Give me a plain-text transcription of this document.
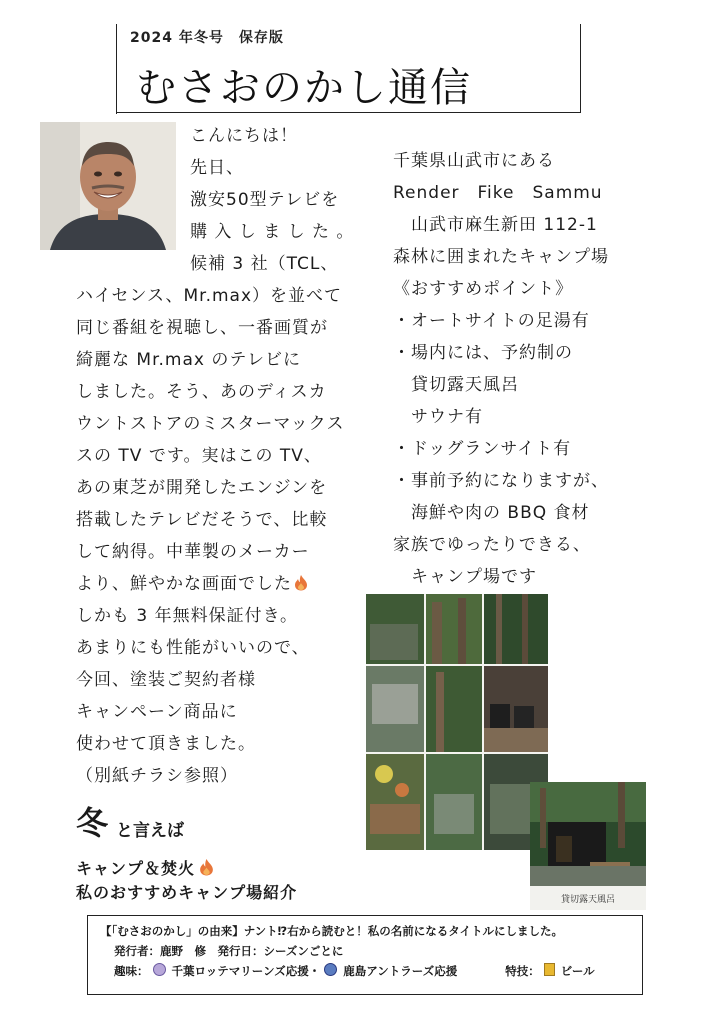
2024 年冬号　保存版
むさおのかし通信
こんにちは！
先日、
激安50型テレビを
購 入 し ま し た 。
候補 3 社（TCL、
ハイセンス、Mr.max）を並べて
同じ番組を視聴し、一番画質が
綺麗な Mr.max のテレビに
しました。そう、あのディスカ
ウントストアのミスターマックス
スの TV です。実はこの TV、
あの東芝が開発したエンジンを
搭載したテレビだそうで、比較
して納得。中華製のメーカー
より、鮮やかな画面でした
しかも 3 年無料保証付き。
あまりにも性能がいいので、
今回、塗装ご契約者様
キャンペーン商品に
使わせて頂きました。
（別紙チラシ参照）
千葉県山武市にある
Render　Fike　Sammu
　山武市麻生新田 112-1
森林に囲まれたキャンプ場
《おすすめポイント》
・オートサイトの足湯有
・場内には、予約制の
　貸切露天風呂
　サウナ有
・ドッグランサイト有
・事前予約になりますが、
　海鮮や肉の BBQ 食材
家族でゆったりできる、
　キャンプ場です
貸切露天風呂
冬 と言えば
キャンプ＆焚火
私のおすすめキャンプ場紹介
【「むさおのかし」の由来】ナント⁉右から読むと！私の名前になるタイトルにしました。
発行者：鹿野　修　発行日：シーズンごとに
趣味： 千葉ロッテマリーンズ応援・ 鹿島アントラーズ応援	特技： ビール
